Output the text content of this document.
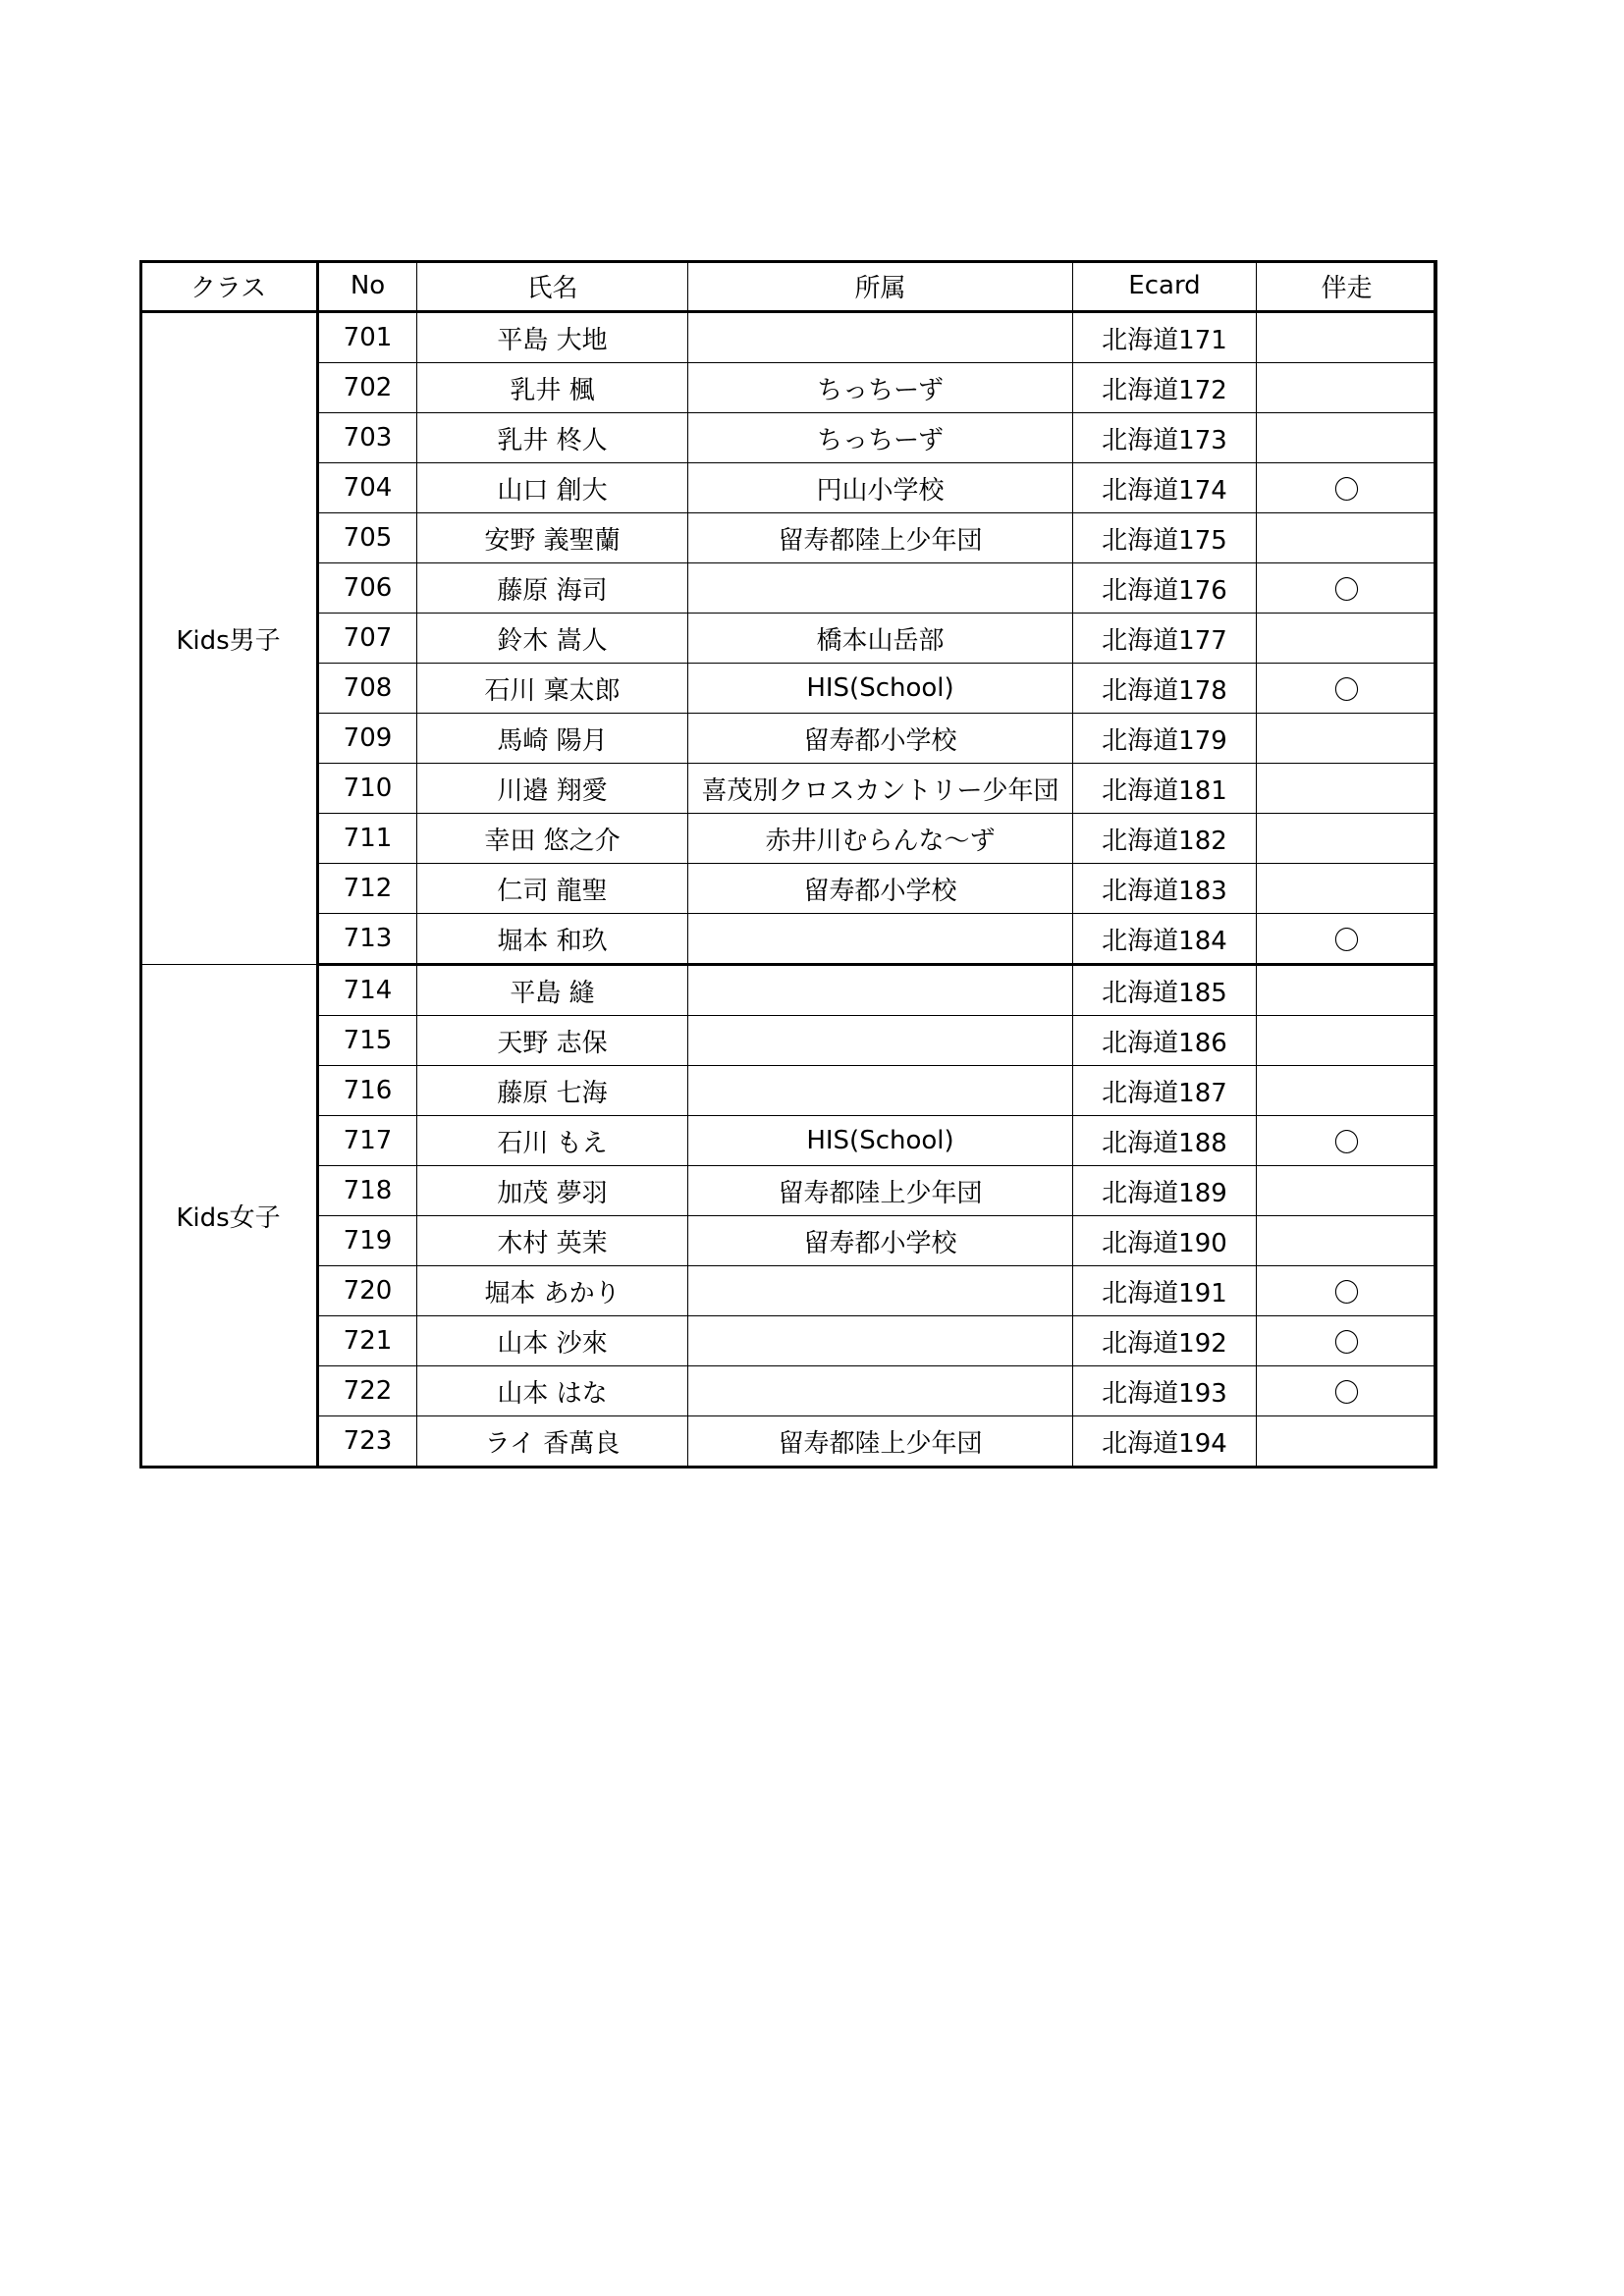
クラス	No	氏名	所属	Ecard	伴走
Kids男子	701	平島 大地		北海道171	
	702	乳井 楓	ちっちーず	北海道172	
	703	乳井 柊人	ちっちーず	北海道173	
	704	山口 創大	円山小学校	北海道174	〇
	705	安野 義聖蘭	留寿都陸上少年団	北海道175	
	706	藤原 海司		北海道176	〇
	707	鈴木 嵩人	橋本山岳部	北海道177	
	708	石川 稟太郎	HIS(School)	北海道178	〇
	709	馬崎 陽月	留寿都小学校	北海道179	
	710	川邉 翔愛	喜茂別クロスカントリー少年団	北海道181	
	711	幸田 悠之介	赤井川むらんな〜ず	北海道182	
	712	仁司 龍聖	留寿都小学校	北海道183	
	713	堀本 和玖		北海道184	〇
Kids女子	714	平島 縫		北海道185	
	715	天野 志保		北海道186	
	716	藤原 七海		北海道187	
	717	石川 もえ	HIS(School)	北海道188	〇
	718	加茂 夢羽	留寿都陸上少年団	北海道189	
	719	木村 英茉	留寿都小学校	北海道190	
	720	堀本 あかり		北海道191	〇
	721	山本 沙來		北海道192	〇
	722	山本 はな		北海道193	〇
	723	ライ 香萬良	留寿都陸上少年団	北海道194	
